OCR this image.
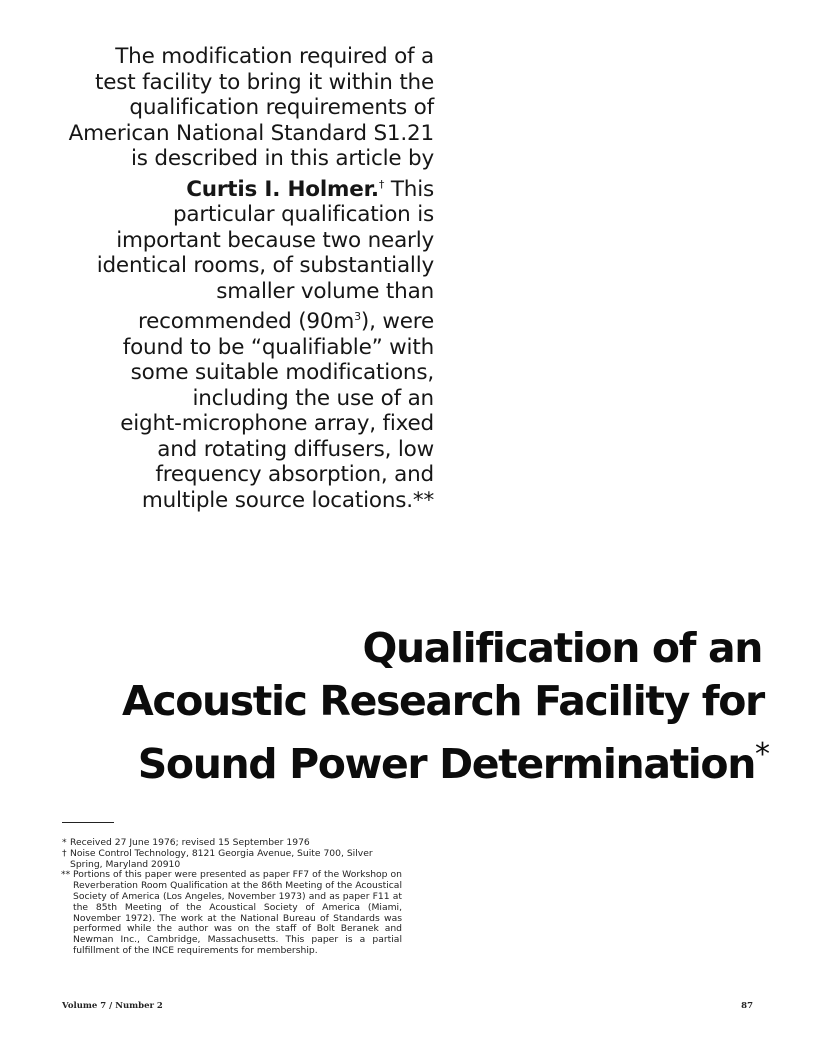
The modification required of a
test facility to bring it within the
qualification requirements of
American National Standard S1.21
is described in this article by
Curtis I. Holmer.† This
particular qualification is
important because two nearly
identical rooms, of substantially
smaller volume than
recommended $(90m^3)$, were
found to be “qualifiable” with
some suitable modifications,
including the use of an
eight-microphone array, fixed
and rotating diffusers, low
frequency absorption, and
multiple source locations.**
Qualification of an
Acoustic Research Facility for
Sound Power Determination*
* Received 27 June 1976; revised 15 September 1976
† Noise Control Technology, 8121 Georgia Avenue, Suite 700, Silver Spring, Maryland 20910
** Portions of this paper were presented as paper FF7 of the Workshop on Reverberation Room Qualification at the 86th Meeting of the Acoustical Society of America (Los Angeles, November 1973) and as paper F11 at the 85th Meeting of the Acoustical Society of America (Miami, November 1972). The work at the National Bureau of Standards was performed while the author was on the staff of Bolt Beranek and Newman Inc., Cambridge, Massachusetts. This paper is a partial fulfillment of the INCE requirements for membership.
Volume 7 / Number 2	87
